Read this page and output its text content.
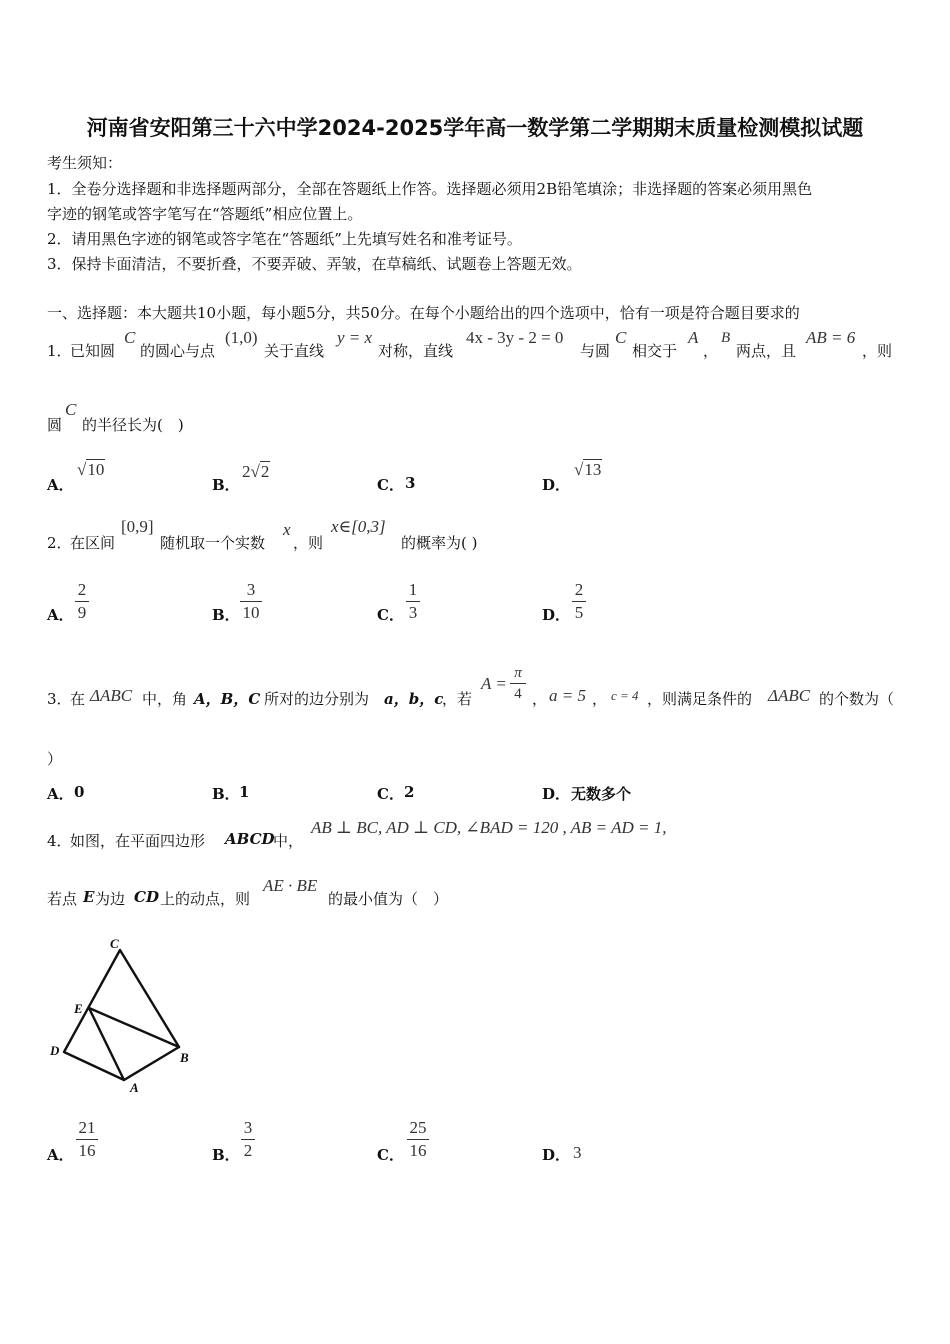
河南省安阳第三十六中学2024-2025学年高一数学第二学期期末质量检测模拟试题
考生须知：
1．全卷分选择题和非选择题两部分，全部在答题纸上作答。选择题必须用2B铅笔填涂；非选择题的答案必须用黑色
字迹的钢笔或答字笔写在“答题纸”相应位置上。
2．请用黑色字迹的钢笔或答字笔在“答题纸”上先填写姓名和准考证号。
3．保持卡面清洁，不要折叠，不要弄破、弄皱，在草稿纸、试题卷上答题无效。
一、选择题：本大题共10小题，每小题5分，共50分。在每个小题给出的四个选项中，恰有一项是符合题目要求的
1．
已知圆
C
的圆心与点
(1,0)
关于直线
y = x
对称，直线
4x - 3y - 2 = 0
与圆
C
相交于
A
，
B
两点，且
AB = 6
，则
圆
C
的半径长为(　)
A．
√10
B．
2√2
C． 3	D．
√13
2．
在区间
[0,9]
随机取一个实数
x
，则
x∈[0,3]
的概率为( )
A．
2
9	B．
3
10	C．
1
3	D．
2
5
3．
在 ΔABC 中，角 A，B，C 所对的边分别为 a，b，c
，若
A =
π
4 ， a = 5 ， c = 4 ，则满足条件的 ΔABC 的个数为（
）
A． 0	B． 1	C． 2	D． 无数多个
4．
如图，在平面四边形 ABCD
中，
AB ⊥ BC, AD ⊥ CD, ∠BAD = 120 , AB = AD = 1,
若点 E 为边 CD 上的动点，则
AE · BE
的最小值为（　）
C
E
D	B
A
A．
21
16	B．
3
2	C．
25
16	D． 3
